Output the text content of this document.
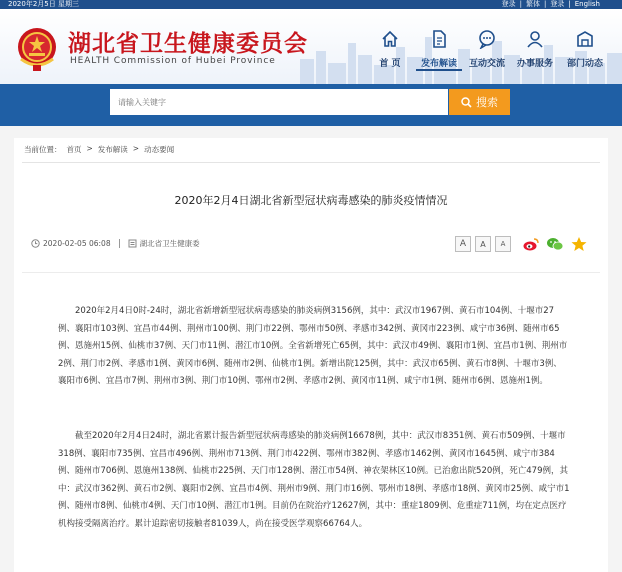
2020年2月5日 星期三	登录 | 繁体 | 登录 | English
湖北省卫生健康委员会
HEALTH Commission of Hubei Province	首 页	发布解读	互动交流	办事服务	部门动态
请输入关键字
搜索
当前位置： 首页 > 发布解读 > 动态要闻
2020年2月4日湖北省新型冠状病毒感染的肺炎疫情情况
2020-02-05 06:08	湖北省卫生健康委	A A A

2020年2月4日0时-24时，湖北省新增新型冠状病毒感染的肺炎病例3156例，其中：武汉市1967例、黄石市104例、十堰市27例、襄阳市103例、宜昌市44例、荆州市100例、荆门市22例、鄂州市50例、孝感市342例、黄冈市223例、咸宁市36例、随州市65例、恩施州15例、仙桃市37例、天门市11例、潜江市10例。全省新增死亡65例，其中：武汉市49例、襄阳市1例、宜昌市1例、荆州市2例、荆门市2例、孝感市1例、黄冈市6例、随州市2例、仙桃市1例。新增出院125例，其中：武汉市65例、黄石市8例、十堰市3例、襄阳市6例、宜昌市7例、荆州市3例、荆门市10例、鄂州市2例、孝感市2例、黄冈市11例、咸宁市1例、随州市6例、恩施州1例。

截至2020年2月4日24时，湖北省累计报告新型冠状病毒感染的肺炎病例16678例，其中：武汉市8351例、黄石市509例、十堰市318例、襄阳市735例、宜昌市496例、荆州市713例、荆门市422例、鄂州市382例、孝感市1462例、黄冈市1645例、咸宁市384例、随州市706例、恩施州138例、仙桃市225例、天门市128例、潜江市54例、神农架林区10例。已治愈出院520例，死亡479例，其中：武汉市362例、黄石市2例、襄阳市2例、宜昌市4例、荆州市9例、荆门市16例、鄂州市18例、孝感市18例、黄冈市25例、咸宁市1例、随州市8例、仙桃市4例、天门市10例、潜江市1例。目前仍在院治疗12627例，其中：重症1809例、危重症711例，均在定点医疗机构接受隔离治疗。累计追踪密切接触者81039人，尚在接受医学观察66764人。
